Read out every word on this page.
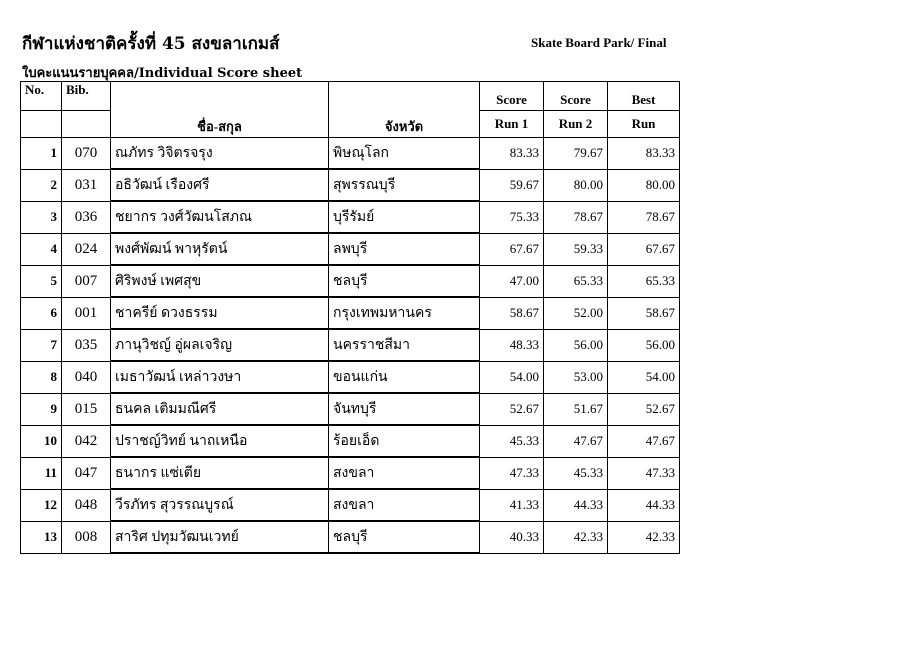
กีฬาแห่งชาติครั้งที่ 45 สงขลาเกมส์	Skate Board Park/ Final
ใบคะแนนรายบุคคล/Individual Score sheet
No.	Bib.	ชื่อ-สกุล	จังหวัด	Score	Score	Best
				Run 1	Run 2	Run
1	070	ณภัทร วิจิตรจรุง	พิษณุโลก	83.33	79.67	83.33
2	031	อธิวัฒน์ เรืองศรี	สุพรรณบุรี	59.67	80.00	80.00
3	036	ชยากร วงศ์วัฒนโสภณ	บุรีรัมย์	75.33	78.67	78.67
4	024	พงศ์พัฒน์ พาหุรัตน์	ลพบุรี	67.67	59.33	67.67
5	007	ศิริพงษ์ เพศสุข	ชลบุรี	47.00	65.33	65.33
6	001	ชาครีย์ ดวงธรรม	กรุงเทพมหานคร	58.67	52.00	58.67
7	035	ภานุวิชญ์ อู่ผลเจริญ	นครราชสีมา	48.33	56.00	56.00
8	040	เมธาวัฒน์ เหล่าวงษา	ขอนแก่น	54.00	53.00	54.00
9	015	ธนคล เติมมณีศรี	จันทบุรี	52.67	51.67	52.67
10	042	ปราชญ์วิทย์ นาถเหนือ	ร้อยเอ็ด	45.33	47.67	47.67
11	047	ธนากร แซ่เตีย	สงขลา	47.33	45.33	47.33
12	048	วีรภัทร สุวรรณบูรณ์	สงขลา	41.33	44.33	44.33
13	008	สาริศ ปทุมวัฒนเวทย์	ชลบุรี	40.33	42.33	42.33
